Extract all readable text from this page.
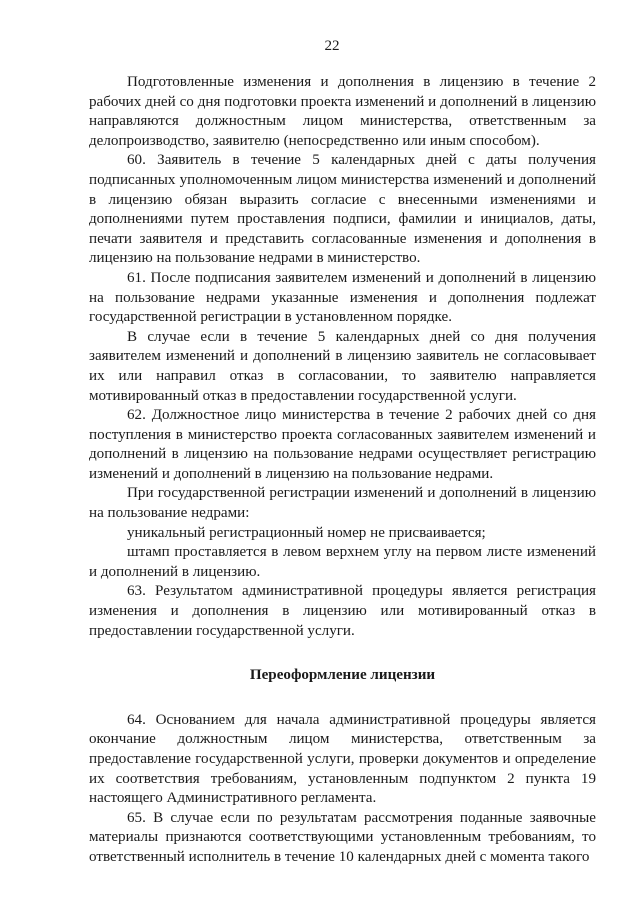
22

Подготовленные изменения и дополнения в лицензию в течение 2 рабочих дней со дня подготовки проекта изменений и дополнений в лицензию направляются должностным лицом министерства, ответственным за делопроизводство, заявителю (непосредственно или иным способом).

60. Заявитель в течение 5 календарных дней с даты получения подписанных уполномоченным лицом министерства изменений и дополнений в лицензию обязан выразить согласие с внесенными изменениями и дополнениями путем проставления подписи, фамилии и инициалов, даты, печати заявителя и представить согласованные изменения и дополнения в лицензию на пользование недрами в министерство.

61. После подписания заявителем изменений и дополнений в лицензию на пользование недрами указанные изменения и дополнения подлежат государственной регистрации в установленном порядке.

В случае если в течение 5 календарных дней со дня получения заявителем изменений и дополнений в лицензию заявитель не согласовывает их или направил отказ в согласовании, то заявителю направляется мотивированный отказ в предоставлении государственной услуги.

62. Должностное лицо министерства в течение 2 рабочих дней со дня поступления в министерство проекта согласованных заявителем изменений и дополнений в лицензию на пользование недрами осуществляет регистрацию изменений и дополнений в лицензию на пользование недрами.

При государственной регистрации изменений и дополнений в лицензию на пользование недрами:

уникальный регистрационный номер не присваивается;

штамп проставляется в левом верхнем углу на первом листе изменений и дополнений в лицензию.

63. Результатом административной процедуры является регистрация изменения и дополнения в лицензию или мотивированный отказ в предоставлении государственной услуги.

Переоформление лицензии

64. Основанием для начала административной процедуры является окончание должностным лицом министерства, ответственным за предоставление государственной услуги, проверки документов и определение их соответствия требованиям, установленным подпунктом 2 пункта 19 настоящего Административного регламента.

65. В случае если по результатам рассмотрения поданные заявочные материалы признаются соответствующими установленным требованиям, то ответственный исполнитель в течение 10 календарных дней с момента такого
